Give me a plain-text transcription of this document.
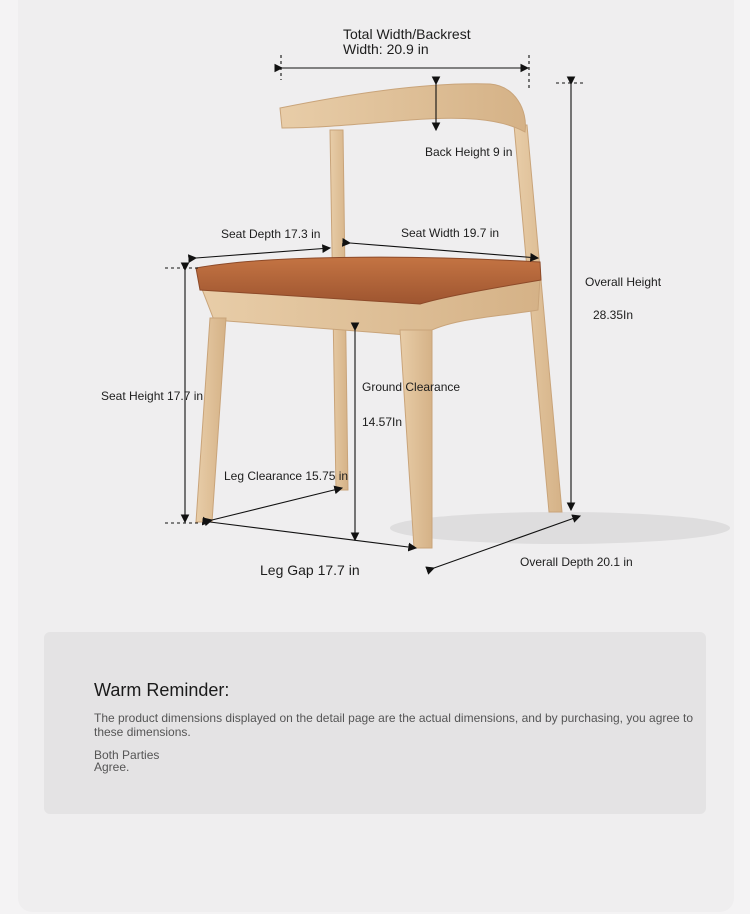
Total Width/Backrest
Width: 20.9 in
Back Height 9 in
Seat Depth 17.3 in	Seat Width 19.7 in
Overall Height
28.35In
Seat Height 17.7 in
Ground Clearance
14.57In
Leg Clearance 15.75 in
Leg Gap 17.7 in	Overall Depth 20.1 in
Warm Reminder:
The product dimensions displayed on the detail page are the actual dimensions, and by purchasing, you agree to these dimensions.
Both Parties
Agree.
